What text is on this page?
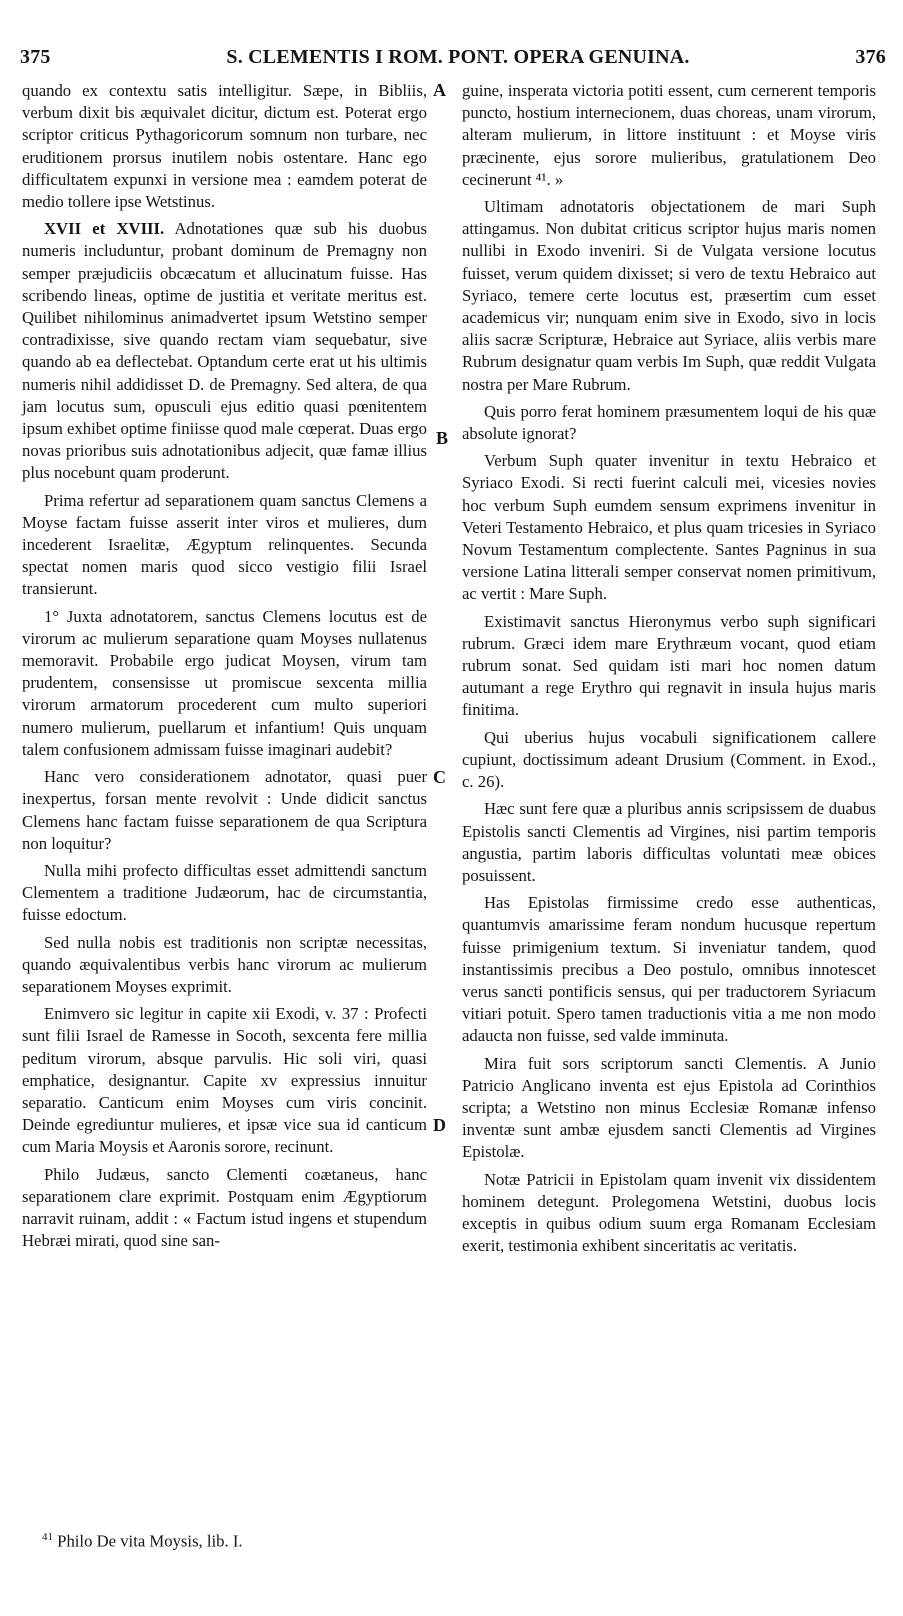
375	S. CLEMENTIS I ROM. PONT. OPERA GENUINA.	376

quando ex contextu satis intelligitur. Sæpe, in Bibliis, verbum dixit bis æquivalet dicitur, dictum est. Poterat ergo scriptor criticus Pythagoricorum somnum non turbare, nec eruditionem prorsus inutilem nobis ostentare. Hanc ego difficultatem expunxi in versione mea : eamdem poterat de medio tollere ipse Wetstinus.

XVII et XVIII. Adnotationes quæ sub his duobus numeris includuntur, probant dominum de Premagny non semper præjudiciis obcæcatum et allucinatum fuisse. Has scribendo lineas, optime de justitia et veritate meritus est. Quilibet nihilominus animadvertet ipsum Wetstino semper contradixisse, sive quando rectam viam sequebatur, sive quando ab ea deflectebat. Optandum certe erat ut his ultimis numeris nihil addidisset D. de Premagny. Sed altera, de qua jam locutus sum, opusculi ejus editio quasi pœnitentem ipsum exhibet optime finiisse quod male cœperat. Duas ergo novas prioribus suis adnotationibus adjecit, quæ famæ illius plus nocebunt quam proderunt.

Prima refertur ad separationem quam sanctus Clemens a Moyse factam fuisse asserit inter viros et mulieres, dum incederent Israelitæ, Ægyptum relinquentes. Secunda spectat nomen maris quod sicco vestigio filii Israel transierunt.

1° Juxta adnotatorem, sanctus Clemens locutus est de virorum ac mulierum separatione quam Moyses nullatenus memoravit. Probabile ergo judicat Moysen, virum tam prudentem, consensisse ut promiscue sexcenta millia virorum armatorum procederent cum multo superiori numero mulierum, puellarum et infantium! Quis unquam talem confusionem admissam fuisse imaginari audebit?

Hanc vero considerationem adnotator, quasi puer inexpertus, forsan mente revolvit : Unde didicit sanctus Clemens hanc factam fuisse separationem de qua Scriptura non loquitur?

Nulla mihi profecto difficultas esset admittendi sanctum Clementem a traditione Judæorum, hac de circumstantia, fuisse edoctum.

Sed nulla nobis est traditionis non scriptæ necessitas, quando æquivalentibus verbis hanc virorum ac mulierum separationem Moyses exprimit.

Enimvero sic legitur in capite xii Exodi, v. 37 : Profecti sunt filii Israel de Ramesse in Socoth, sexcenta fere millia peditum virorum, absque parvulis. Hic soli viri, quasi emphatice, designantur. Capite xv expressius innuitur separatio. Canticum enim Moyses cum viris concinit. Deinde egrediuntur mulieres, et ipsæ vice sua id canticum cum Maria Moysis et Aaronis sorore, recinunt.

Philo Judæus, sancto Clementi coætaneus, hanc separationem clare exprimit. Postquam enim Ægyptiorum narravit ruinam, addit : « Factum istud ingens et stupendum Hebræi mirati, quod sine san-

guine, insperata victoria potiti essent, cum cernerent temporis puncto, hostium internecionem, duas choreas, unam virorum, alteram mulierum, in littore instituunt : et Moyse viris præcinente, ejus sorore mulieribus, gratulationem Deo cecinerunt ⁴¹. »

Ultimam adnotatoris objectationem de mari Suph attingamus. Non dubitat criticus scriptor hujus maris nomen nullibi in Exodo inveniri. Si de Vulgata versione locutus fuisset, verum quidem dixisset; si vero de textu Hebraico aut Syriaco, temere certe locutus est, præsertim cum esset academicus vir; nunquam enim sive in Exodo, sivo in locis aliis sacræ Scripturæ, Hebraice aut Syriace, aliis verbis mare Rubrum designatur quam verbis Im Suph, quæ reddit Vulgata nostra per Mare Rubrum.

Quis porro ferat hominem præsumentem loqui de his quæ absolute ignorat?

Verbum Suph quater invenitur in textu Hebraico et Syriaco Exodi. Si recti fuerint calculi mei, vicesies novies hoc verbum Suph eumdem sensum exprimens invenitur in Veteri Testamento Hebraico, et plus quam tricesies in Syriaco Novum Testamentum complectente. Santes Pagninus in sua versione Latina litterali semper conservat nomen primitivum, ac vertit : Mare Suph.

Existimavit sanctus Hieronymus verbo suph significari rubrum. Græci idem mare Erythræum vocant, quod etiam rubrum sonat. Sed quidam isti mari hoc nomen datum autumant a rege Erythro qui regnavit in insula hujus maris finitima.

Qui uberius hujus vocabuli significationem callere cupiunt, doctissimum adeant Drusium (Comment. in Exod., c. 26).

Hæc sunt fere quæ a pluribus annis scripsissem de duabus Epistolis sancti Clementis ad Virgines, nisi partim temporis angustia, partim laboris difficultas voluntati meæ obices posuissent.

Has Epistolas firmissime credo esse authenticas, quantumvis amarissime feram nondum hucusque repertum fuisse primigenium textum. Si inveniatur tandem, quod instantissimis precibus a Deo postulo, omnibus innotescet verus sancti pontificis sensus, qui per traductorem Syriacum vitiari potuit. Spero tamen traductionis vitia a me non modo adaucta non fuisse, sed valde imminuta.

Mira fuit sors scriptorum sancti Clementis. A Junio Patricio Anglicano inventa est ejus Epistola ad Corinthios scripta; a Wetstino non minus Ecclesiæ Romanæ infenso inventæ sunt ambæ ejusdem sancti Clementis ad Virgines Epistolæ.

Notæ Patricii in Epistolam quam invenit vix dissidentem hominem detegunt. Prolegomena Wetstini, duobus locis exceptis in quibus odium suum erga Romanam Ecclesiam exerit, testimonia exhibent sinceritatis ac veritatis.

A
B
C
D
$^{41}$ Philo De vita Moysis, lib. I.
